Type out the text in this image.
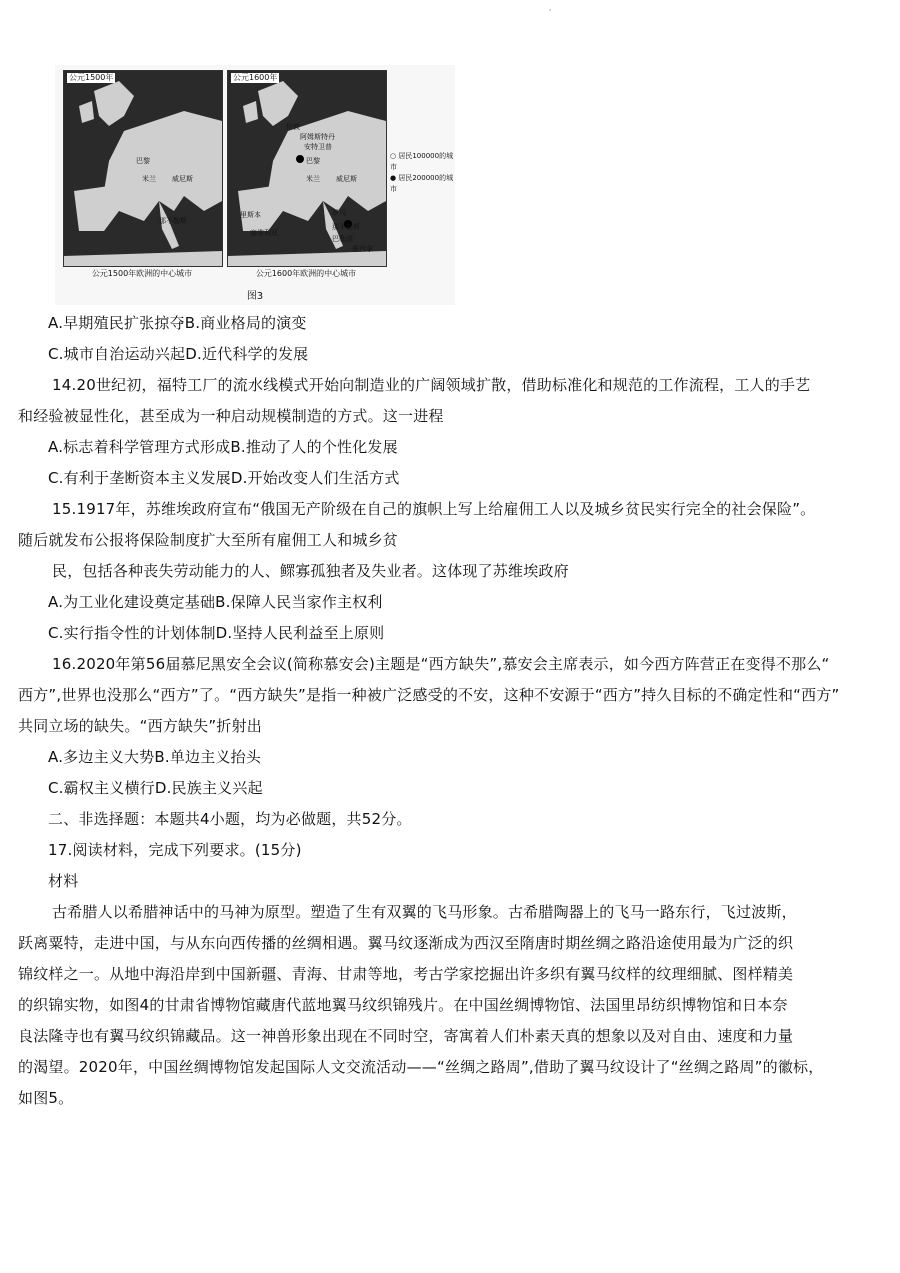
'
公元1500年
巴黎
米兰 威尼斯
那不勒斯
公元1500年欧洲的中心城市
公元1600年
伦敦
阿姆斯特丹
安特卫普
巴黎
米兰 威尼斯
里斯本
塞维利亚
罗马
那不勒斯
巴勒莫
墨西拿
公元1600年欧洲的中心城市
○ 居民100000的城市
● 居民200000的城市
图3
A.早期殖民扩张掠夺B.商业格局的演变
C.城市自治运动兴起D.近代科学的发展
14.20世纪初，福特工厂的流水线模式开始向制造业的广阔领域扩散，借助标准化和规范的工作流程，工人的手艺
和经验被显性化，甚至成为一种启动规模制造的方式。这一进程
A.标志着科学管理方式形成B.推动了人的个性化发展
C.有利于垄断资本主义发展D.开始改变人们生活方式
15.1917年，苏维埃政府宣布“俄国无产阶级在自己的旗帜上写上给雇佣工人以及城乡贫民实行完全的社会保险”。
随后就发布公报将保险制度扩大至所有雇佣工人和城乡贫
民，包括各种丧失劳动能力的人、鳏寡孤独者及失业者。这体现了苏维埃政府
A.为工业化建设奠定基础B.保障人民当家作主权利
C.实行指令性的计划体制D.坚持人民利益至上原则
16.2020年第56届慕尼黑安全会议(简称慕安会)主题是“西方缺失”,慕安会主席表示，如今西方阵营正在变得不那么“
西方”,世界也没那么“西方”了。“西方缺失”是指一种被广泛感受的不安，这种不安源于“西方”持久目标的不确定性和“西方”
共同立场的缺失。“西方缺失”折射出
A.多边主义大势B.单边主义抬头
C.霸权主义横行D.民族主义兴起
二、非选择题：本题共4小题，均为必做题，共52分。
17.阅读材料，完成下列要求。(15分)
材料
古希腊人以希腊神话中的马神为原型。塑造了生有双翼的飞马形象。古希腊陶器上的飞马一路东行，飞过波斯，
跃离粟特，走进中国，与从东向西传播的丝绸相遇。翼马纹逐渐成为西汉至隋唐时期丝绸之路沿途使用最为广泛的织
锦纹样之一。从地中海沿岸到中国新疆、青海、甘肃等地，考古学家挖掘出许多织有翼马纹样的纹理细腻、图样精美
的织锦实物，如图4的甘肃省博物馆藏唐代蓝地翼马纹织锦残片。在中国丝绸博物馆、法国里昂纺织博物馆和日本奈
良法隆寺也有翼马纹织锦藏品。这一神兽形象出现在不同时空，寄寓着人们朴素天真的想象以及对自由、速度和力量
的渴望。2020年，中国丝绸博物馆发起国际人文交流活动——“丝绸之路周”,借助了翼马纹设计了“丝绸之路周”的徽标，
如图5。
